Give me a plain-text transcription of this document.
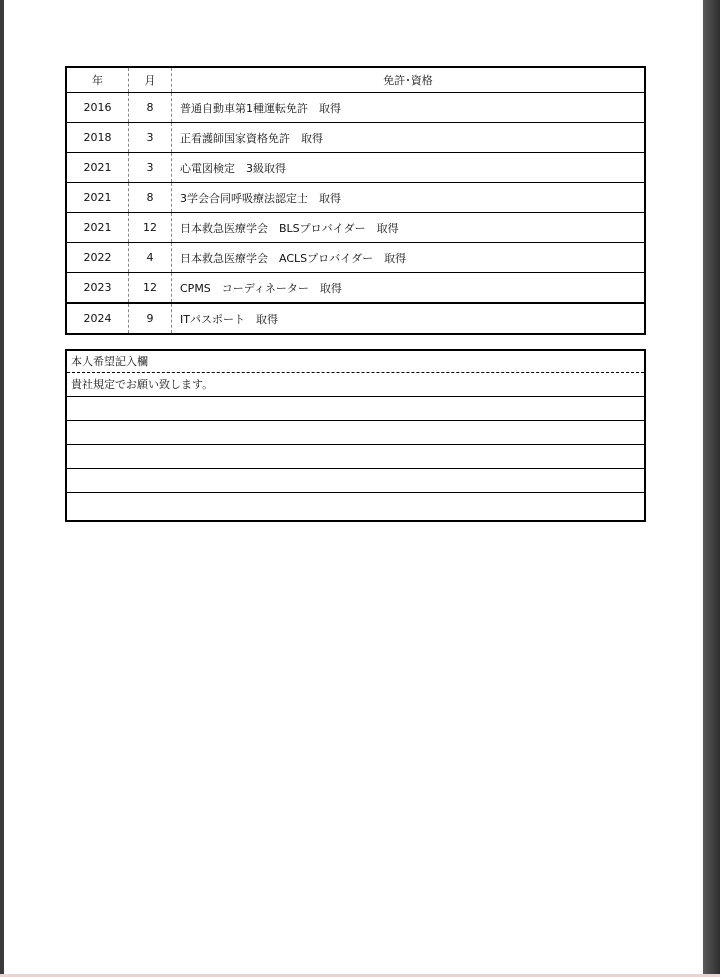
年	月	免許･資格
2016	8	普通自動車第1種運転免許　取得
2018	3	正看護師国家資格免許　取得
2021	3	心電図検定　3級取得
2021	8	3学会合同呼吸療法認定士　取得
2021	12	日本救急医療学会　BLSプロバイダー　取得
2022	4	日本救急医療学会　ACLSプロバイダー　取得
2023	12	CPMS　コーディネーター　取得
2024	9	ITパスポート　取得
本人希望記入欄
貴社規定でお願い致します。
